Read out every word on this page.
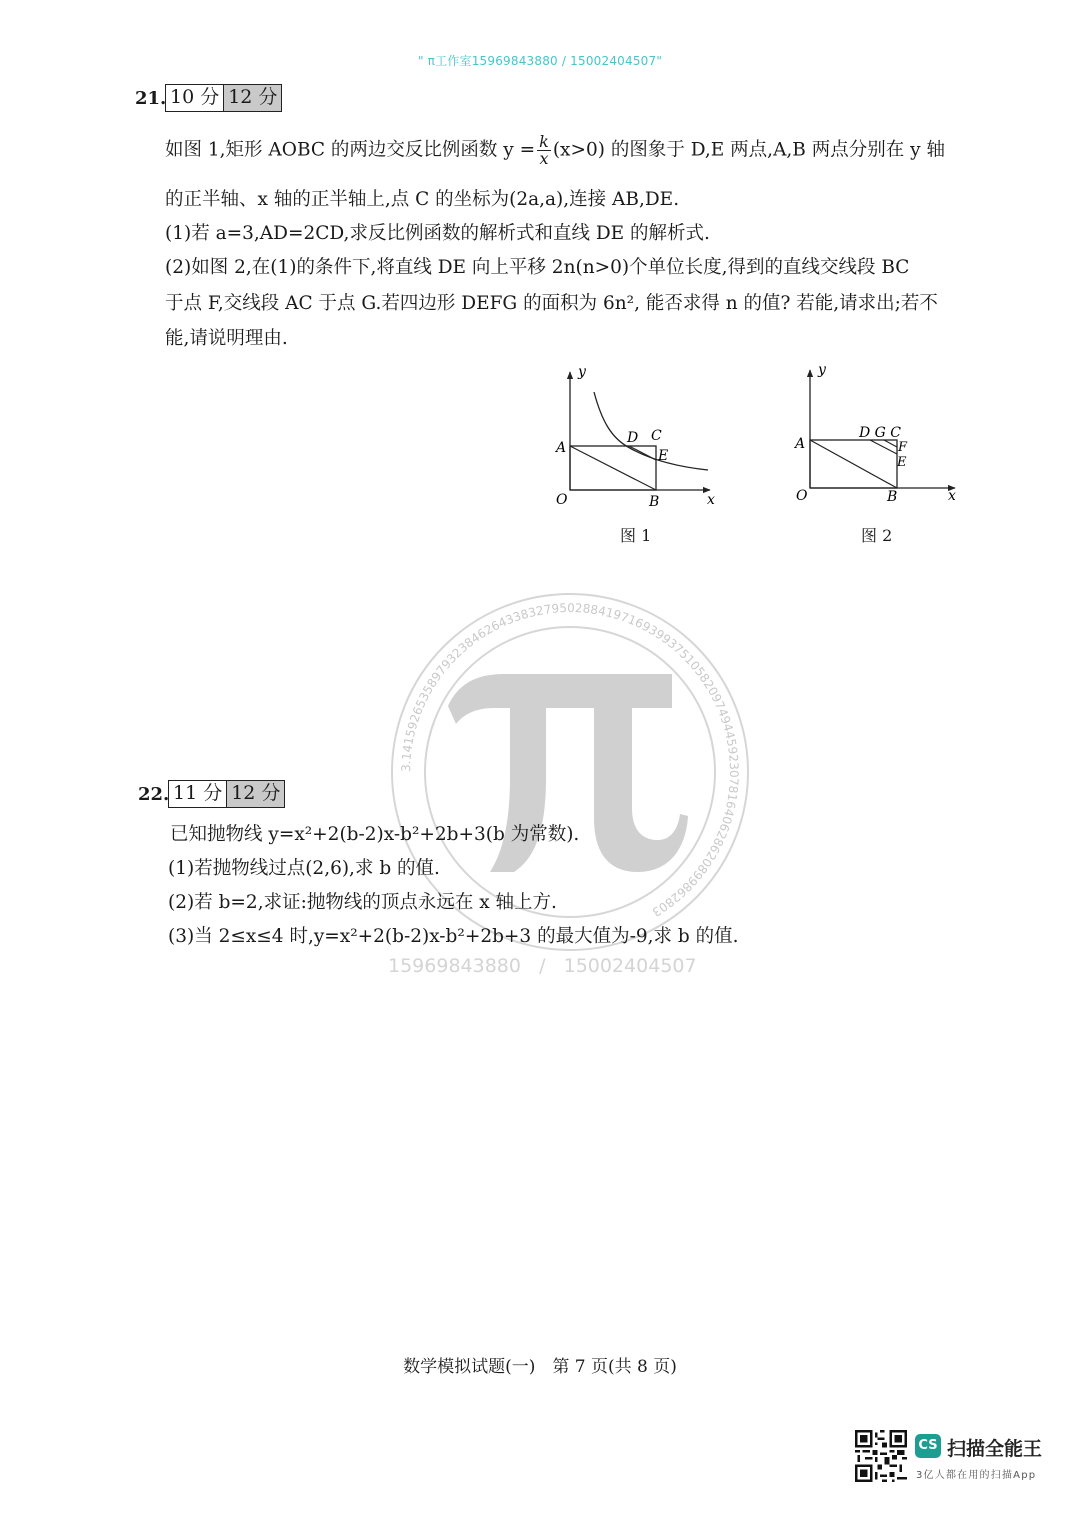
" π工作室15969843880 / 15002404507"
21. 10 分 12 分
如图 1,矩形 AOBC 的两边交反比例函数 $y = \frac{k}{x} (x>0)$ 的图象于 D,E 两点,A,B 两点分别在 y 轴
的正半轴、x 轴的正半轴上,点 C 的坐标为(2a,a),连接 AB,DE.
(1)若 a=3,AD=2CD,求反比例函数的解析式和直线 DE 的解析式.
(2)如图 2,在(1)的条件下,将直线 DE 向上平移 2n(n>0)个单位长度,得到的直线交线段 BC
于点 F,交线段 AC 于点 G.若四边形 DEFG 的面积为 6n², 能否求得 n 的值? 若能,请求出;若不
能,请说明理由.
y
x
O
A
B
C
D
E
图 1
y
x
O
A
B
D G C
F
E
图 2
3.14159265358979323846264338327950288419716939937510582097494459230781640628620899862803
15969843880   /   15002404507
22. 11 分 12 分
已知抛物线 y=x²+2(b-2)x-b²+2b+3(b 为常数).
(1)若抛物线过点(2,6),求 b 的值.
(2)若 b=2,求证:抛物线的顶点永远在 x 轴上方.
(3)当 2≤x≤4 时,y=x²+2(b-2)x-b²+2b+3 的最大值为-9,求 b 的值.
数学模拟试题(一)　第 7 页(共 8 页)
CS 扫描全能王
3亿人都在用的扫描App
